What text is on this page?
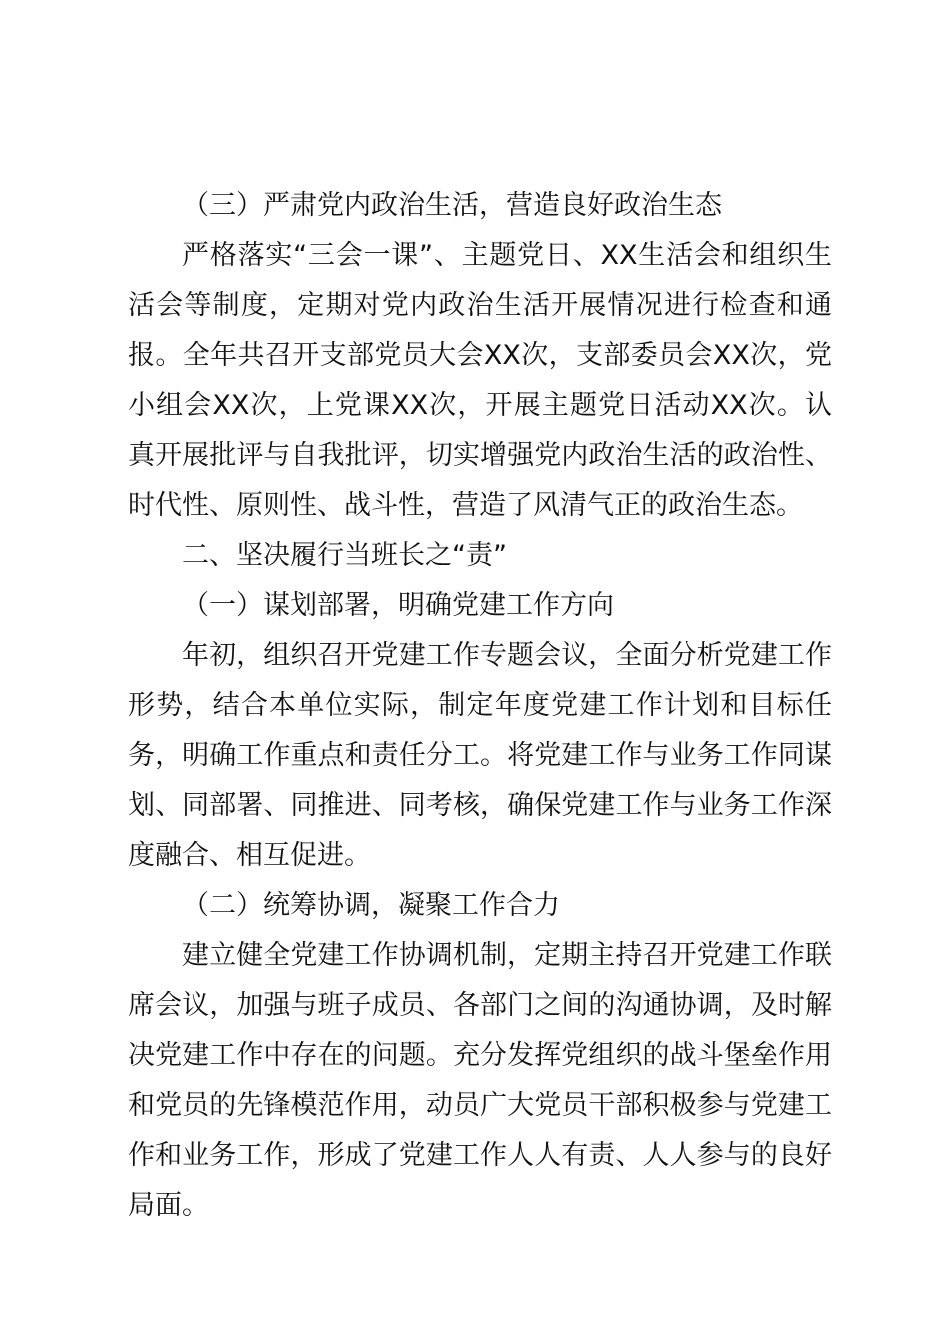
（三）严肃党内政治生活，营造良好政治生态

严格落实“三会一课”、主题党日、XX生活会和组织生活会等制度，定期对党内政治生活开展情况进行检查和通报。全年共召开支部党员大会XX次，支部委员会XX次，党小组会XX次，上党课XX次，开展主题党日活动XX次。认真开展批评与自我批评，切实增强党内政治生活的政治性、时代性、原则性、战斗性，营造了风清气正的政治生态。

二、坚决履行当班长之“责”

（一）谋划部署，明确党建工作方向

年初，组织召开党建工作专题会议，全面分析党建工作形势，结合本单位实际，制定年度党建工作计划和目标任务，明确工作重点和责任分工。将党建工作与业务工作同谋划、同部署、同推进、同考核，确保党建工作与业务工作深度融合、相互促进。

（二）统筹协调，凝聚工作合力

建立健全党建工作协调机制，定期主持召开党建工作联席会议，加强与班子成员、各部门之间的沟通协调，及时解决党建工作中存在的问题。充分发挥党组织的战斗堡垒作用和党员的先锋模范作用，动员广大党员干部积极参与党建工作和业务工作，形成了党建工作人人有责、人人参与的良好局面。
